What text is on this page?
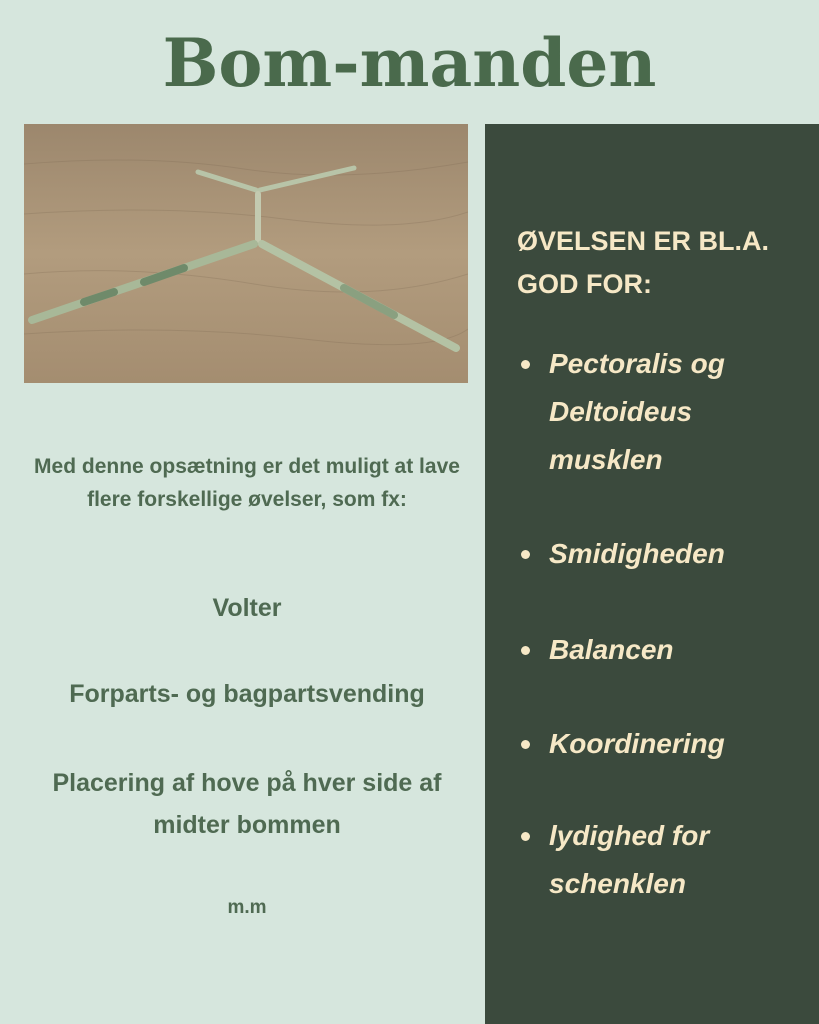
Bom-manden
Med denne opsætning er det muligt at lave flere forskellige øvelser, som fx:
Volter
Forparts- og bagpartsvending
Placering af hove på hver side af midter bommen
m.m
ØVELSEN ER BL.A. GOD FOR:
Pectoralis og Deltoideus musklen
Smidigheden
Balancen
Koordinering
lydighed for schenklen
